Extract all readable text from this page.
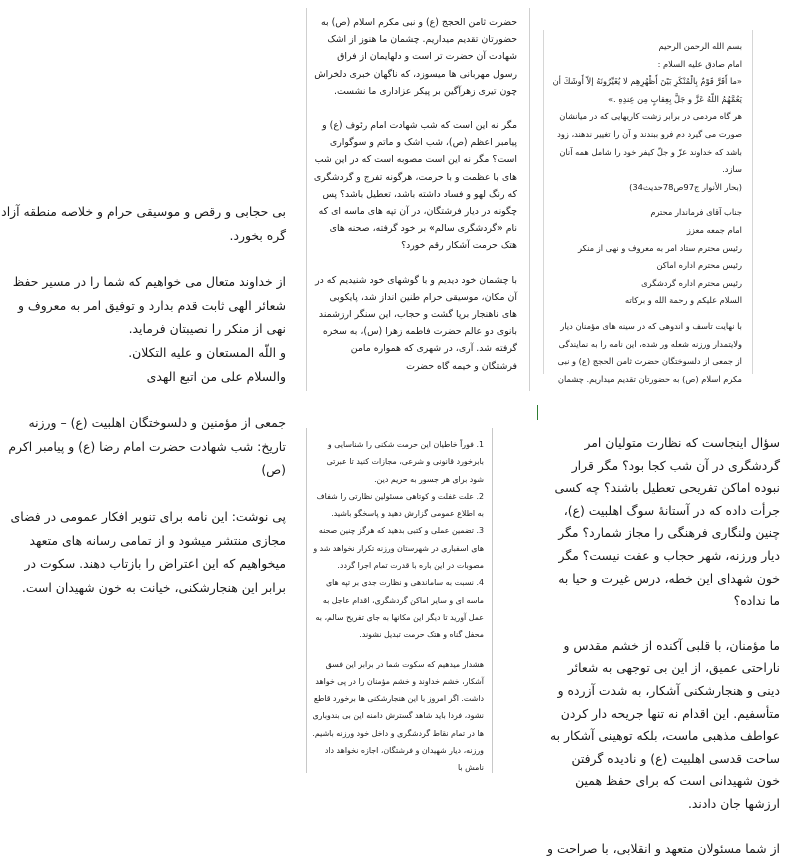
حضرت ثامن الحجج (ع) و نبی مکرم اسلام (ص) به حضورتان تقدیم میداریم. چشمان ما هنوز از اشک شهادت آن حضرت تر است و دلهایمان از فراق رسول مهربانی ها میسوزد، که ناگهان خبری دلخراش چون تیری زهرآگین بر پیکر عزاداری ما نشست.

مگر نه این است که شب شهادت امام رئوف (ع) و پیامبر اعظم (ص)، شب اشک و ماتم و سوگواری است؟ مگر نه این است مصوبه است که در این شب های با عظمت و با حرمت، هرگونه تفرج و گردشگری که رنگ لهو و فساد داشته باشد، تعطیل باشد؟ پس چگونه در دیار فرشتگان، در آن تپه های ماسه ای که نام «گردشگری سالم» بر خود گرفته، صحنه های هتک حرمت آشکار رقم خورد؟

با چشمان خود دیدیم و با گوشهای خود شنیدیم که در آن مکان، موسیقی حرام طنین انداز شد، پایکوبی های ناهنجار برپا گشت و حجاب، این سنگر ارزشمند بانوی دو عالم حضرت فاطمه زهرا (س)، به سخره گرفته شد. آری، در شهری که همواره مامن فرشتگان و خیمه گاه حضرت

بسم الله الرحمن الرحیم
امام صادق علیه السلام :
«ما أَقَرَّ قَوْمٌ بِالْمُنْكَرِ بَيْنَ أَظْهُرِهِم لا يُغَيِّرُونَهُ إلاّ أَوشَكَ أن يَعُمَّهُمُ اللّهُ عَزَّ و جَلَّ بِعِقابٍ مِن عِندِهِ .»
هر گاه مردمی در برابر زشت کاریهایی که در میانشان صورت می گیرد دم فرو ببندند و آن را تغییر ندهند، زود باشد که خداوند عزّ و جلّ کیفر خود را شامل همه آنان سازد.
(بحار الأنوار ج97ص78حدیث34)

جناب آقای فرماندار محترم
امام جمعه معزز
رئیس محترم ستاد امر به معروف و نهی از منکر
رئیس محترم اداره اماکن
رئیس محترم اداره گردشگری
السلام علیکم و رحمة الله و برکاته

با نهایت تاسف و اندوهی که در سینه های مؤمنان دیار ولایتمدار ورزنه شعله ور شده، این نامه را به نمایندگی از جمعی از دلسوختگان حضرت ثامن الحجج (ع) و نبی مکرم اسلام (ص) به حضورتان تقدیم میداریم. چشمان

بی حجابی و رقص و موسیقی حرام و خلاصه منطقه آزاد گره بخورد.

از خداوند متعال می خواهیم که شما را در مسیر حفظ شعائر الهی ثابت قدم بدارد و توفیق امر به معروف و نهی از منکر را نصیبتان فرماید.
و اللّه المستعان و علیه التکلان.
والسلام علی من اتبع الهدی

جمعی از مؤمنین و دلسوختگان اهلبیت (ع) – ورزنه
تاریخ: شب شهادت حضرت امام رضا (ع) و پیامبر اکرم (ص)

پی نوشت: این نامه برای تنویر افکار عمومی در فضای مجازی منتشر میشود و از تمامی رسانه های متعهد میخواهیم که این اعتراض را بازتاب دهند. سکوت در برابر این هنجارشکنی، خیانت به خون شهیدان است.

1. فوراً خاطیان این حرمت شکنی را شناسایی و بابرخورد قانونی و شرعی، مجازات کنید تا عبرتی شود برای هر جسور به حریم دین.
2. علت غفلت و کوتاهی مسئولین نظارتی را شفاف به اطلاع عمومی گزارش دهید و پاسخگو باشید.
3. تضمین عملی و کتبی بدهید که هرگز چنین صحنه های اسفباری در شهرستان ورزنه تکرار نخواهد شد و مصوبات در این باره با قدرت تمام اجرا گردد.
4. نسبت به ساماندهی و نظارت جدی بر تپه های ماسه ای و سایر اماکن گردشگری، اقدام عاجل به عمل آورید تا دیگر این مکانها به جای تفریح سالم، به محفل گناه و هتک حرمت تبدیل نشوند.

هشدار میدهیم که سکوت شما در برابر این فسق آشکار، خشم خداوند و خشم مؤمنان را در پی خواهد داشت. اگر امروز با این هنجارشکنی ها برخورد قاطع نشود، فردا باید شاهد گسترش دامنه این بی بندوباری ها در تمام نقاط گردشگری و داخل خود ورزنه باشیم. ورزنه، دیار شهیدان و فرشتگان، اجازه نخواهد داد نامش با

سؤال اینجاست که نظارت متولیان امر گردشگری در آن شب کجا بود؟ مگر قرار نبوده اماکن تفریحی تعطیل باشند؟ چه کسی جرأت داده که در آستانهٔ سوگ اهلبیت (ع)، چنین ولنگاری فرهنگی را مجاز شمارد؟ مگر دیار ورزنه، شهر حجاب و عفت نیست؟ مگر خون شهدای این خطه، درس غیرت و حیا به ما نداده؟

ما مؤمنان، با قلبی آکنده از خشم مقدس و ناراحتی عمیق، از این بی توجهی به شعائر دینی و هنجارشکنی آشکار، به شدت آزرده و متأسفیم. این اقدام نه تنها جریحه دار کردن عواطف مذهبی ماست، بلکه توهینی آشکار به ساحت قدسی اهلبیت (ع) و نادیده گرفتن خون شهیدانی است که برای حفظ همین ارزشها جان دادند.

از شما مسئولان متعهد و انقلابی، با صراحت و
